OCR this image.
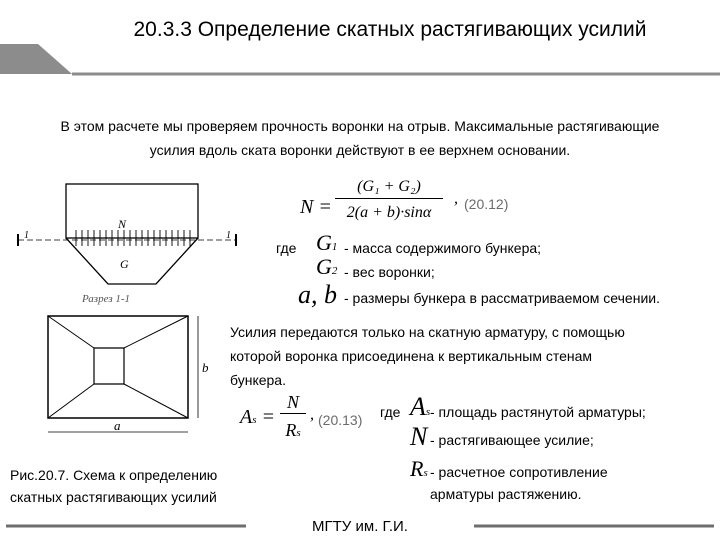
20.3.3 Определение скатных растягивающих усилий
В этом расчете мы проверяем прочность воронки на отрыв. Максимальные растягивающие
усилия вдоль ската воронки действуют в ее верхнем основании.
N
G
1	1
Разрез 1-1
a
b
N =
(G₁ + G₂)
2(a + b)·sinα
, (20.12)
где G1 - масса содержимого бункера;
G2 - вес воронки;
a, b - размеры бункера в рассматриваемом сечении.
Усилия передаются только на скатную арматуру, с помощью
которой воронка присоединена к вертикальным стенам
бункера.
As =
N
Rs
, (20.13) где As - площадь растянутой арматуры;
N - растягивающее усилие;
Rs - расчетное сопротивление
арматуры растяжению.
Рис.20.7. Схема к определению
скатных растягивающих усилий
МГТУ им. Г.И.
